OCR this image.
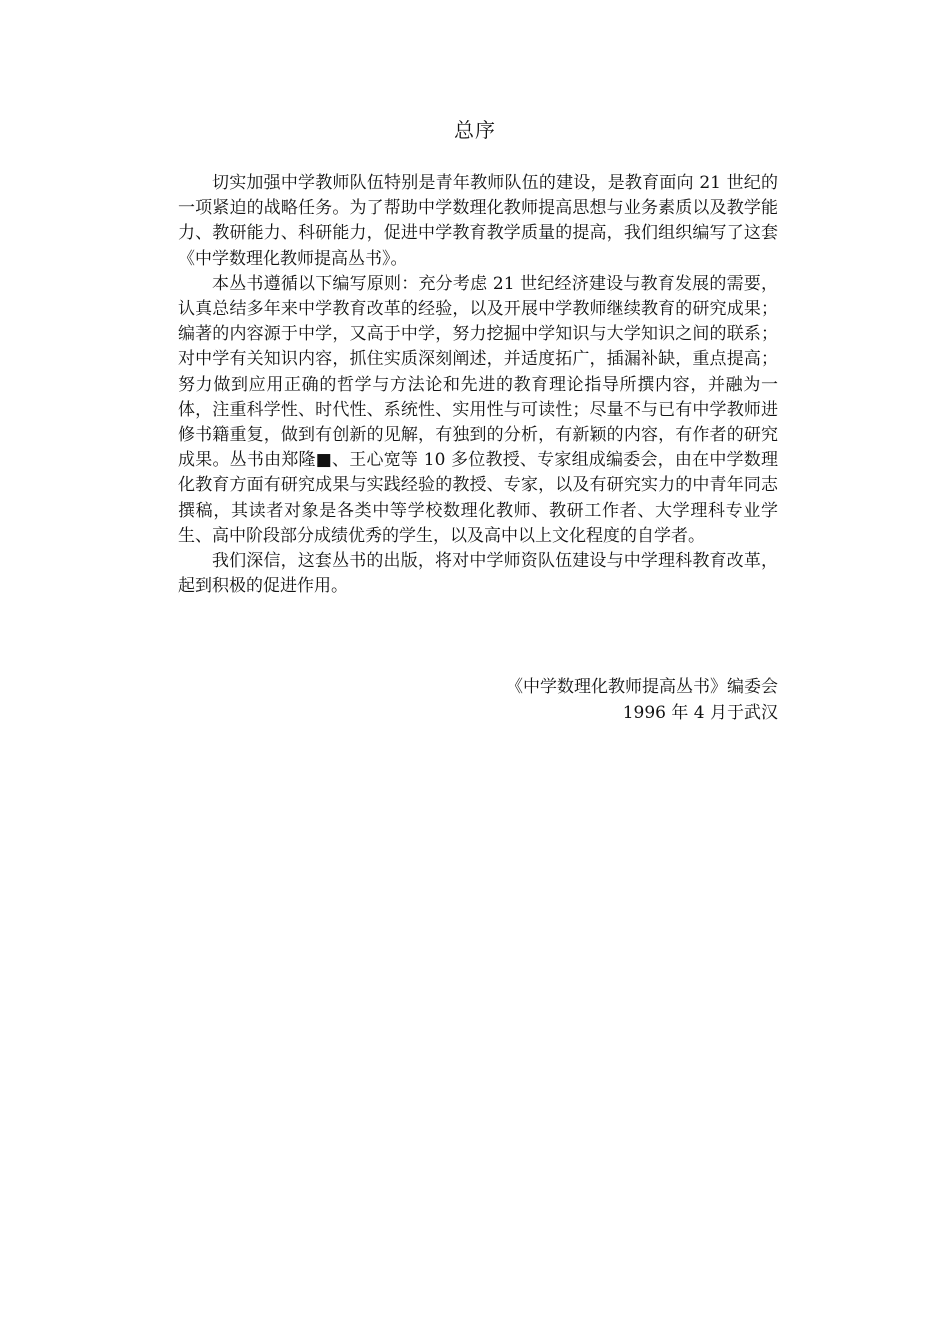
总序

切实加强中学教师队伍特别是青年教师队伍的建设，是教育面向 21 世纪的一项紧迫的战略任务。为了帮助中学数理化教师提高思想与业务素质以及教学能力、教研能力、科研能力，促进中学教育教学质量的提高，我们组织编写了这套《中学数理化教师提高丛书》。

本丛书遵循以下编写原则：充分考虑 21 世纪经济建设与教育发展的需要，认真总结多年来中学教育改革的经验，以及开展中学教师继续教育的研究成果；编著的内容源于中学，又高于中学，努力挖掘中学知识与大学知识之间的联系；对中学有关知识内容，抓住实质深刻阐述，并适度拓广，插漏补缺，重点提高；努力做到应用正确的哲学与方法论和先进的教育理论指导所撰内容，并融为一体，注重科学性、时代性、系统性、实用性与可读性；尽量不与已有中学教师进修书籍重复，做到有创新的见解，有独到的分析，有新颖的内容，有作者的研究成果。丛书由郑隆■、王心宽等 10 多位教授、专家组成编委会，由在中学数理化教育方面有研究成果与实践经验的教授、专家，以及有研究实力的中青年同志撰稿，其读者对象是各类中等学校数理化教师、教研工作者、大学理科专业学生、高中阶段部分成绩优秀的学生，以及高中以上文化程度的自学者。

我们深信，这套丛书的出版，将对中学师资队伍建设与中学理科教育改革，起到积极的促进作用。

《中学数理化教师提高丛书》编委会
1996 年 4 月于武汉
